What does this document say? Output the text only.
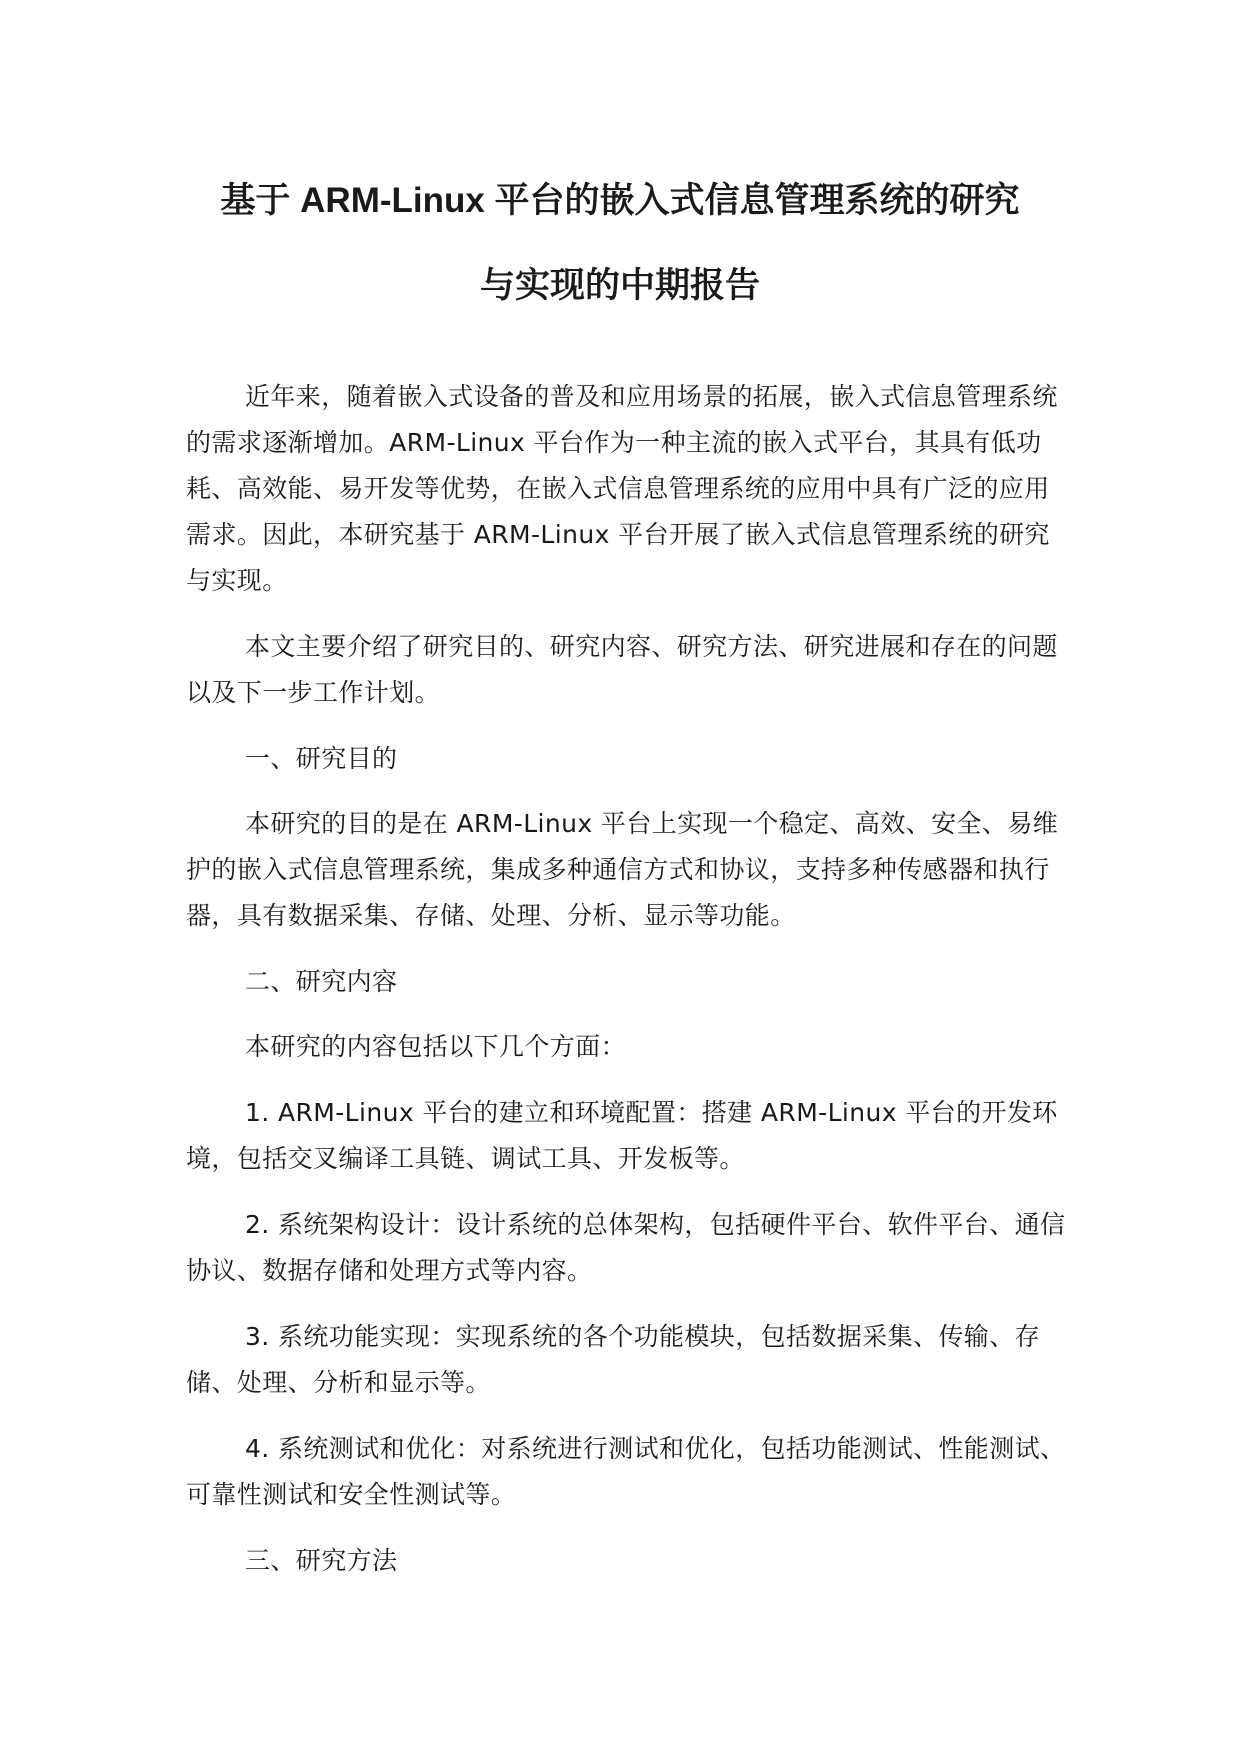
基于 ARM-Linux 平台的嵌入式信息管理系统的研究
与实现的中期报告

近年来，随着嵌入式设备的普及和应用场景的拓展，嵌入式信息管理系统的需求逐渐增加。ARM-Linux 平台作为一种主流的嵌入式平台，其具有低功耗、高效能、易开发等优势，在嵌入式信息管理系统的应用中具有广泛的应用需求。因此，本研究基于 ARM-Linux 平台开展了嵌入式信息管理系统的研究与实现。

本文主要介绍了研究目的、研究内容、研究方法、研究进展和存在的问题以及下一步工作计划。

一、研究目的

本研究的目的是在 ARM-Linux 平台上实现一个稳定、高效、安全、易维护的嵌入式信息管理系统，集成多种通信方式和协议，支持多种传感器和执行器，具有数据采集、存储、处理、分析、显示等功能。

二、研究内容

本研究的内容包括以下几个方面：

1. ARM-Linux 平台的建立和环境配置：搭建 ARM-Linux 平台的开发环境，包括交叉编译工具链、调试工具、开发板等。

2. 系统架构设计：设计系统的总体架构，包括硬件平台、软件平台、通信协议、数据存储和处理方式等内容。

3. 系统功能实现：实现系统的各个功能模块，包括数据采集、传输、存储、处理、分析和显示等。

4. 系统测试和优化：对系统进行测试和优化，包括功能测试、性能测试、可靠性测试和安全性测试等。

三、研究方法
